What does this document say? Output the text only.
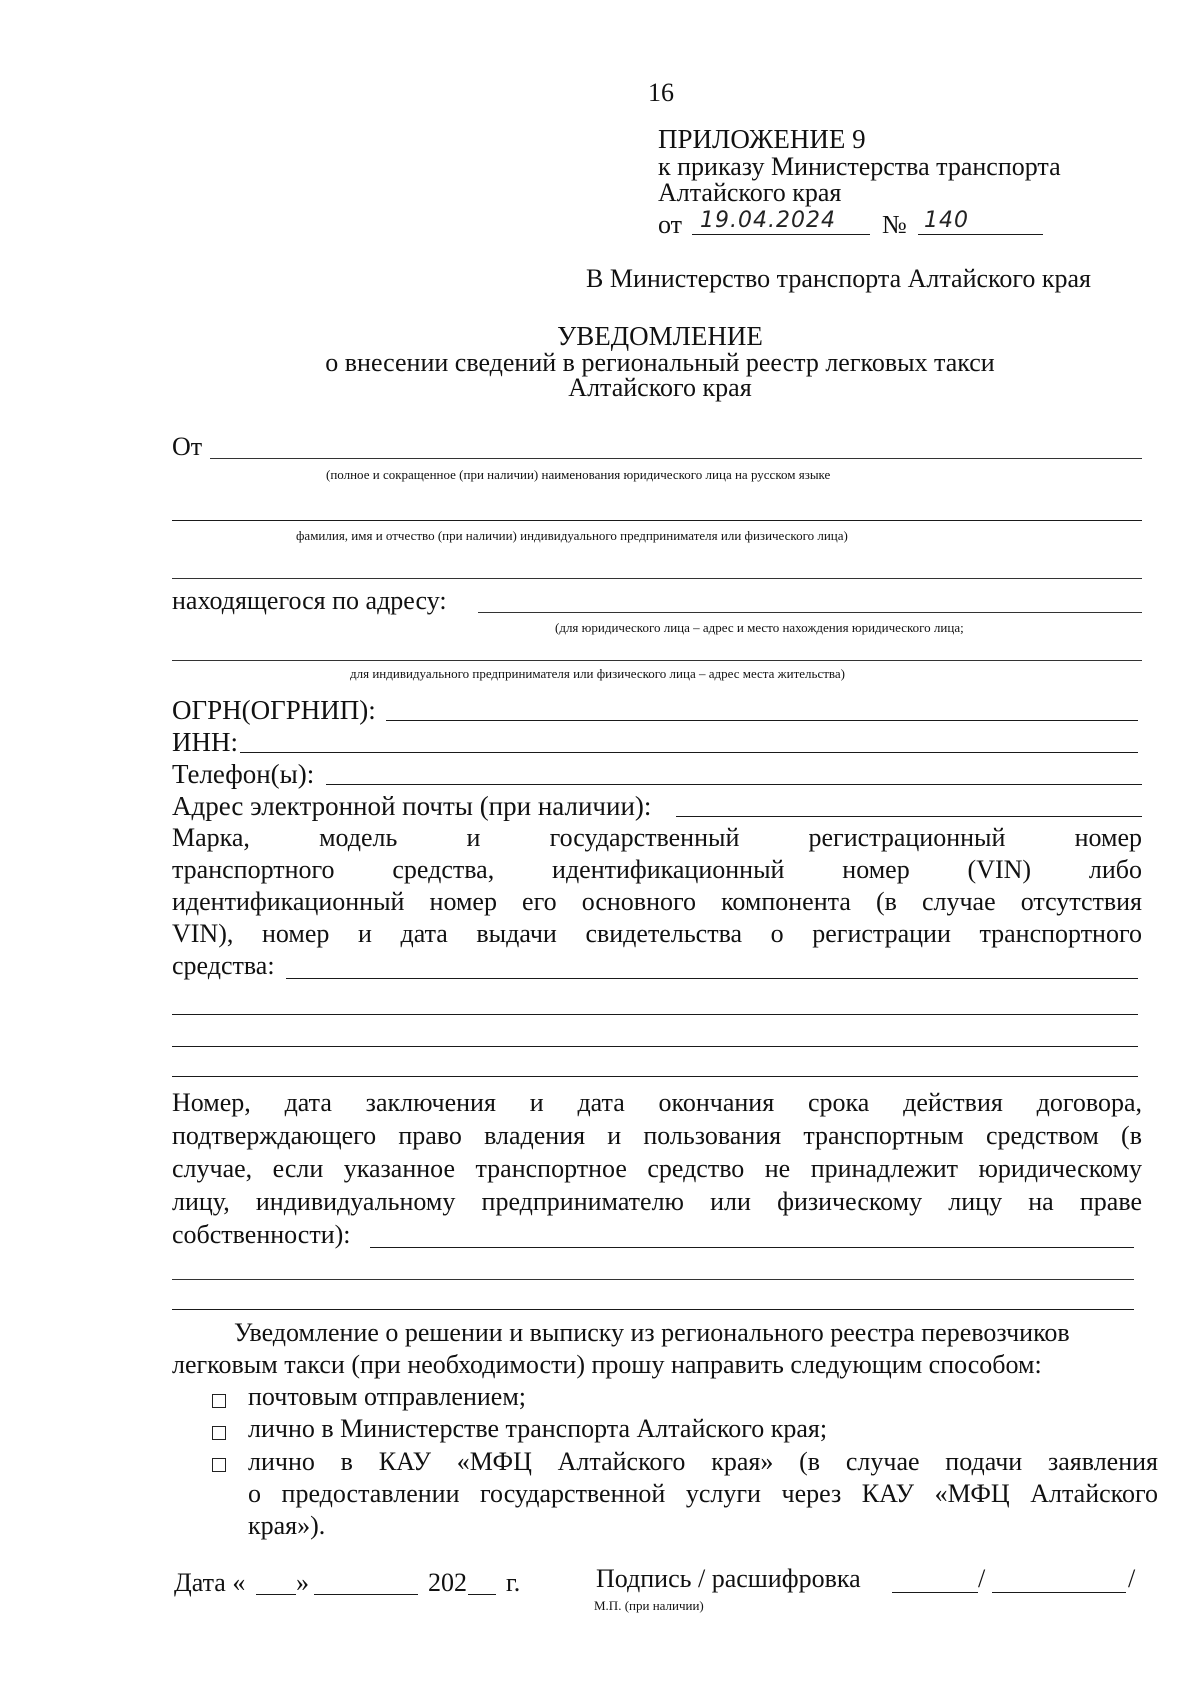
16
ПРИЛОЖЕНИЕ 9
к приказу Министерства транспорта
Алтайского края
от 19.04.2024 № 140
В Министерство транспорта Алтайского края
УВЕДОМЛЕНИЕ
о внесении сведений в региональный реестр легковых такси
Алтайского края
От
(полное и сокращенное (при наличии) наименования юридического лица на русском языке
фамилия, имя и отчество (при наличии) индивидуального предпринимателя или физического лица)
находящегося по адресу:
(для юридического лица – адрес и место нахождения юридического лица;
для индивидуального предпринимателя или физического лица – адрес места жительства)
ОГРН(ОГРНИП):
ИНН:
Телефон(ы):
Адрес электронной почты (при наличии):
Марка, модель и государственный регистрационный номер
транспортного средства, идентификационный номер (VIN) либо
идентификационный номер его основного компонента (в случае отсутствия
VIN), номер и дата выдачи свидетельства о регистрации транспортного
средства:
Номер, дата заключения и дата окончания срока действия договора,
подтверждающего право владения и пользования транспортным средством (в
случае, если указанное транспортное средство не принадлежит юридическому
лицу, индивидуальному предпринимателю или физическому лицу на праве
собственности):
Уведомление о решении и выписку из регионального реестра перевозчиков
легковым такси (при необходимости) прошу направить следующим способом:
почтовым отправлением;
лично в Министерстве транспорта Алтайского края;
лично в КАУ «МФЦ Алтайского края» (в случае подачи заявления
о предоставлении государственной услуги через КАУ «МФЦ Алтайского
края»).
Дата « »	202 г.	Подпись / расшифровка	/	/
М.П. (при наличии)
